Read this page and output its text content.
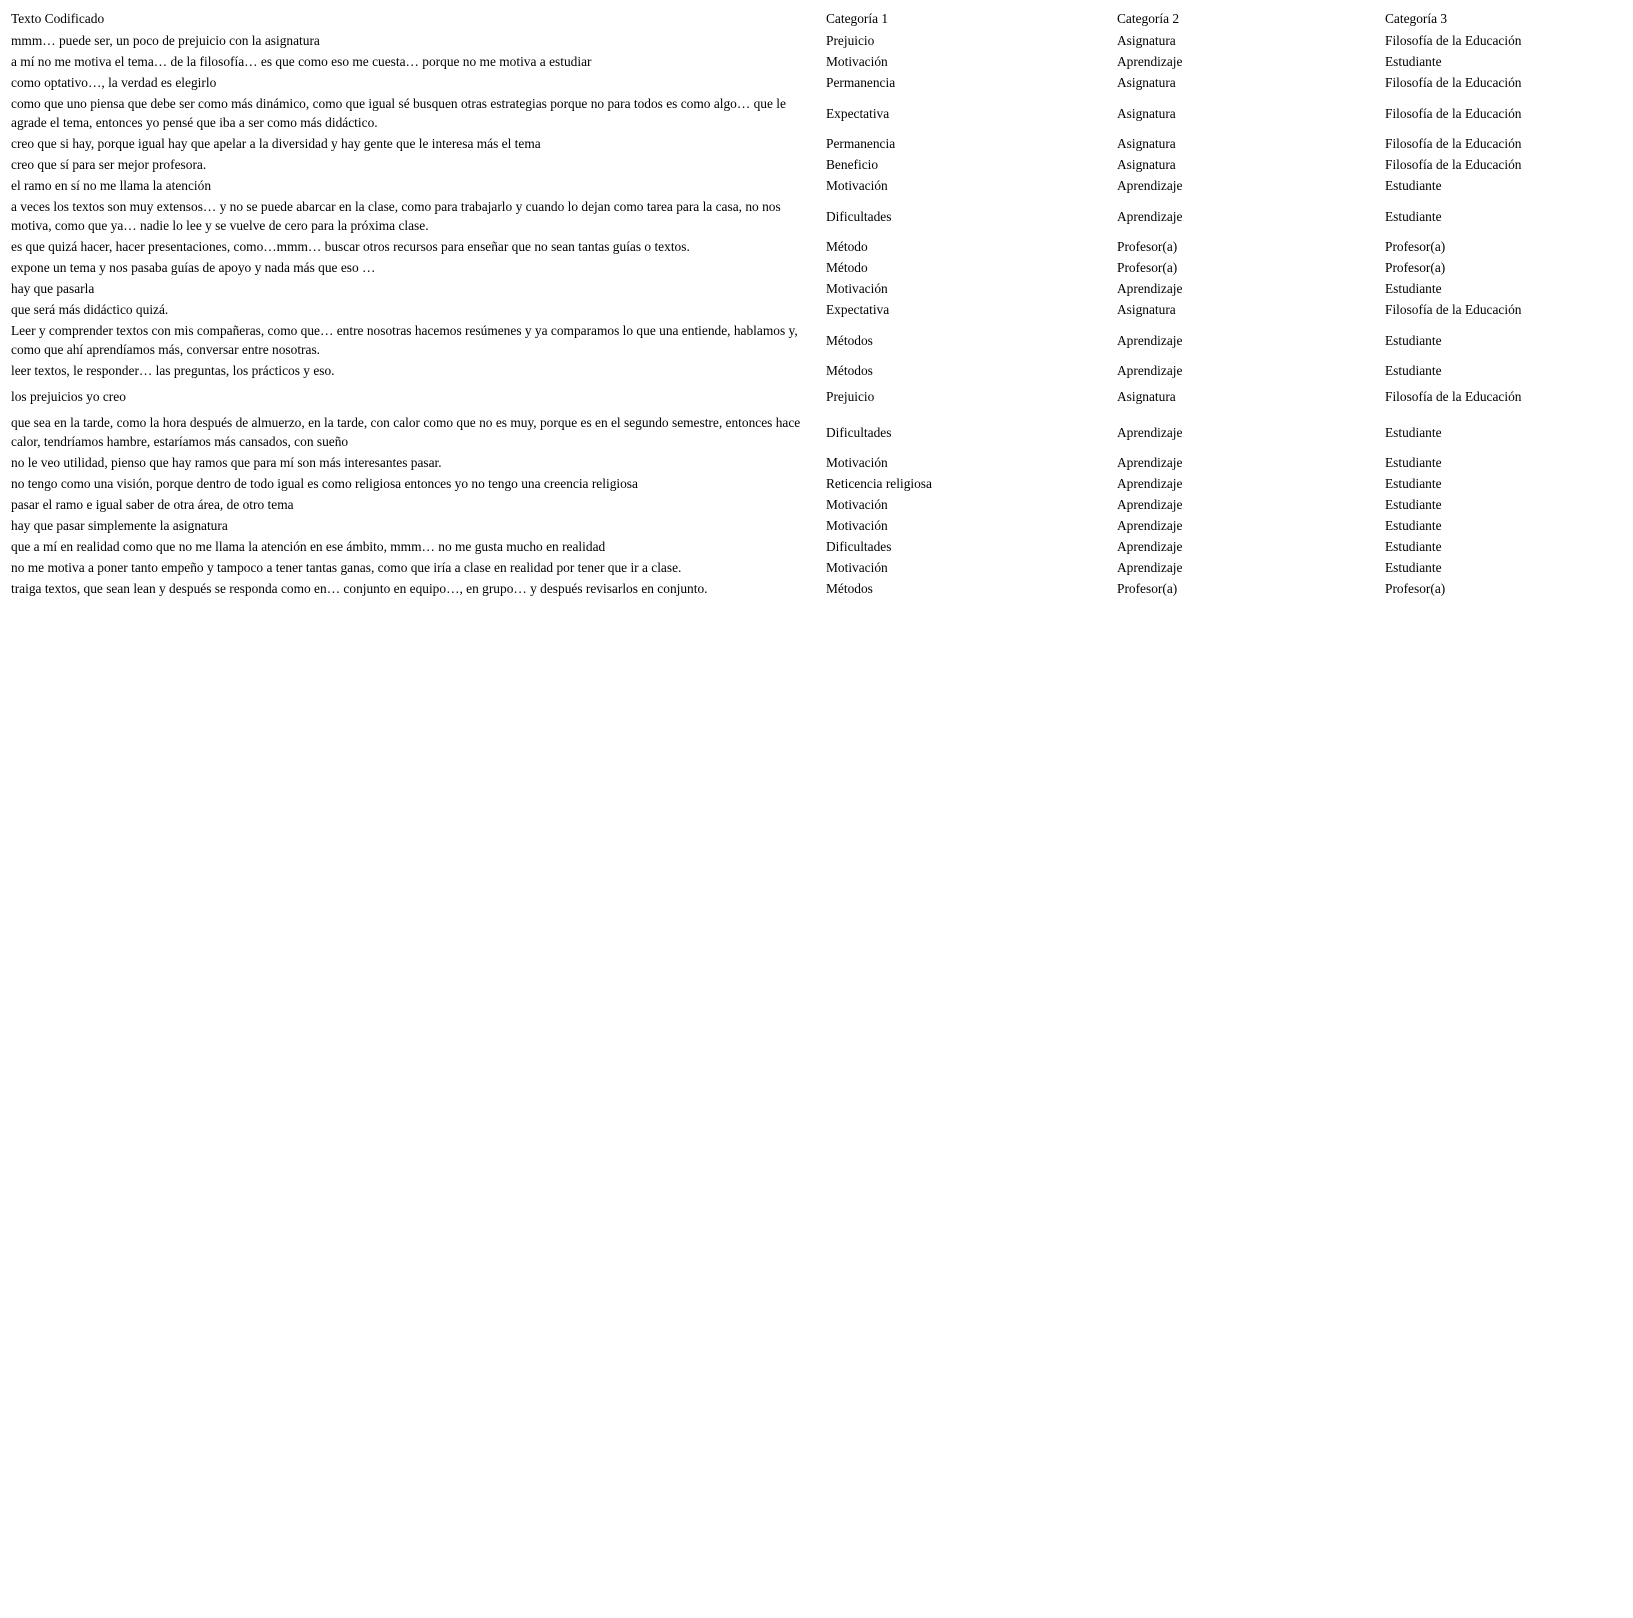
Texto Codificado	Categoría 1	Categoría 2	Categoría 3
mmm… puede ser, un poco de prejuicio con la asignatura	Prejuicio	Asignatura	Filosofía de la Educación
a mí no me motiva el tema… de la filosofía… es que como eso me cuesta… porque no me motiva a estudiar	Motivación	Aprendizaje	Estudiante
como optativo…, la verdad es elegirlo	Permanencia	Asignatura	Filosofía de la Educación
como que uno piensa que debe ser como más dinámico, como que igual sé busquen otras estrategias porque no para todos es como algo… que le agrade el tema, entonces yo pensé que iba a ser como más didáctico.	Expectativa	Asignatura	Filosofía de la Educación
creo que si hay, porque igual hay que apelar a la diversidad y hay gente que le interesa más el tema	Permanencia	Asignatura	Filosofía de la Educación
creo que sí para ser mejor profesora.	Beneficio	Asignatura	Filosofía de la Educación
el ramo en sí no me llama la atención	Motivación	Aprendizaje	Estudiante
a veces los textos son muy extensos… y no se puede abarcar en la clase, como para trabajarlo y cuando lo dejan como tarea para la casa, no nos motiva, como que ya… nadie lo lee y se vuelve de cero para la próxima clase.	Dificultades	Aprendizaje	Estudiante
es que quizá hacer, hacer presentaciones, como…mmm… buscar otros recursos para enseñar que no sean tantas guías o textos.	Método	Profesor(a)	Profesor(a)
expone un tema y nos pasaba guías de apoyo y nada más que eso …	Método	Profesor(a)	Profesor(a)
hay que pasarla	Motivación	Aprendizaje	Estudiante
que será más didáctico quizá.	Expectativa	Asignatura	Filosofía de la Educación
Leer y comprender textos con mis compañeras, como que… entre nosotras hacemos resúmenes y ya comparamos lo que una entiende, hablamos y, como que ahí aprendíamos más, conversar entre nosotras.	Métodos	Aprendizaje	Estudiante
leer textos, le responder… las preguntas, los prácticos y eso.	Métodos	Aprendizaje	Estudiante
los prejuicios yo creo	Prejuicio	Asignatura	Filosofía de la Educación
que sea en la tarde, como la hora después de almuerzo, en la tarde, con calor como que no es muy, porque es en el segundo semestre, entonces hace calor, tendríamos hambre, estaríamos más cansados, con sueño	Dificultades	Aprendizaje	Estudiante
no le veo utilidad, pienso que hay ramos que para mí son más interesantes pasar.	Motivación	Aprendizaje	Estudiante
no tengo como una visión, porque dentro de todo igual es como religiosa entonces yo no tengo una creencia religiosa	Reticencia religiosa	Aprendizaje	Estudiante
pasar el ramo e igual saber de otra área, de otro tema	Motivación	Aprendizaje	Estudiante
hay que pasar simplemente la asignatura	Motivación	Aprendizaje	Estudiante
que a mí en realidad como que no me llama la atención en ese ámbito, mmm… no me gusta mucho en realidad	Dificultades	Aprendizaje	Estudiante
no me motiva a poner tanto empeño y tampoco a tener tantas ganas, como que iría a clase en realidad por tener que ir a clase.	Motivación	Aprendizaje	Estudiante
traiga textos, que sean lean y después se responda como en… conjunto en equipo…, en grupo… y después revisarlos en conjunto.	Métodos	Profesor(a)	Profesor(a)
